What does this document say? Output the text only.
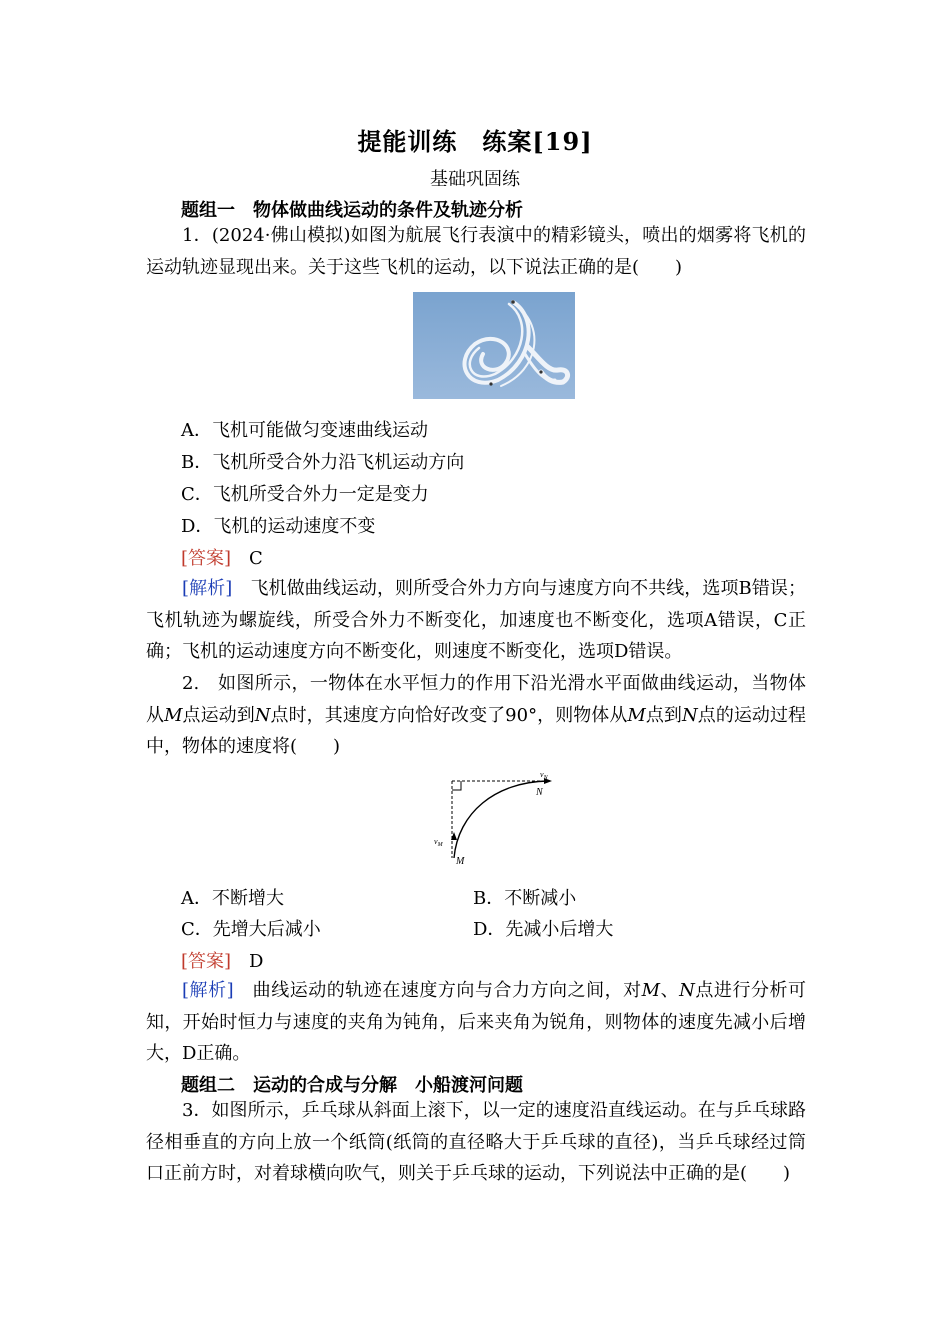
提能训练　练案[19]
基础巩固练
题组一　物体做曲线运动的条件及轨迹分析

1．(2024·佛山模拟)如图为航展飞行表演中的精彩镜头，喷出的烟雾将飞机的运动轨迹显现出来。关于这些飞机的运动，以下说法正确的是(　　)

A．飞机可能做匀变速曲线运动
B．飞机所受合外力沿飞机运动方向
C．飞机所受合外力一定是变力
D．飞机的运动速度不变
[答案]　 C

[解析]　 飞机做曲线运动，则所受合外力方向与速度方向不共线，选项B错误；飞机轨迹为螺旋线，所受合外力不断变化，加速度也不断变化，选项A错误，C正确；飞机的运动速度方向不断变化，则速度不断变化，选项D错误。

2.　如图所示，一物体在水平恒力的作用下沿光滑水平面做曲线运动，当物体从M点运动到N点时，其速度方向恰好改变了90°，则物体从M点到N点的运动过程中，物体的速度将(　　)

$v_N$
N
$v_M$
M
A．不断增大	B．不断减小
C．先增大后减小	D．先减小后增大
[答案]　 D

[解析]　 曲线运动的轨迹在速度方向与合力方向之间，对M、N点进行分析可知，开始时恒力与速度的夹角为钝角，后来夹角为锐角，则物体的速度先减小后增大，D正确。

题组二　运动的合成与分解　小船渡河问题

3．如图所示，乒乓球从斜面上滚下，以一定的速度沿直线运动。在与乒乓球路径相垂直的方向上放一个纸筒(纸筒的直径略大于乒乓球的直径)，当乒乓球经过筒口正前方时，对着球横向吹气，则关于乒乓球的运动，下列说法中正确的是(　　)
